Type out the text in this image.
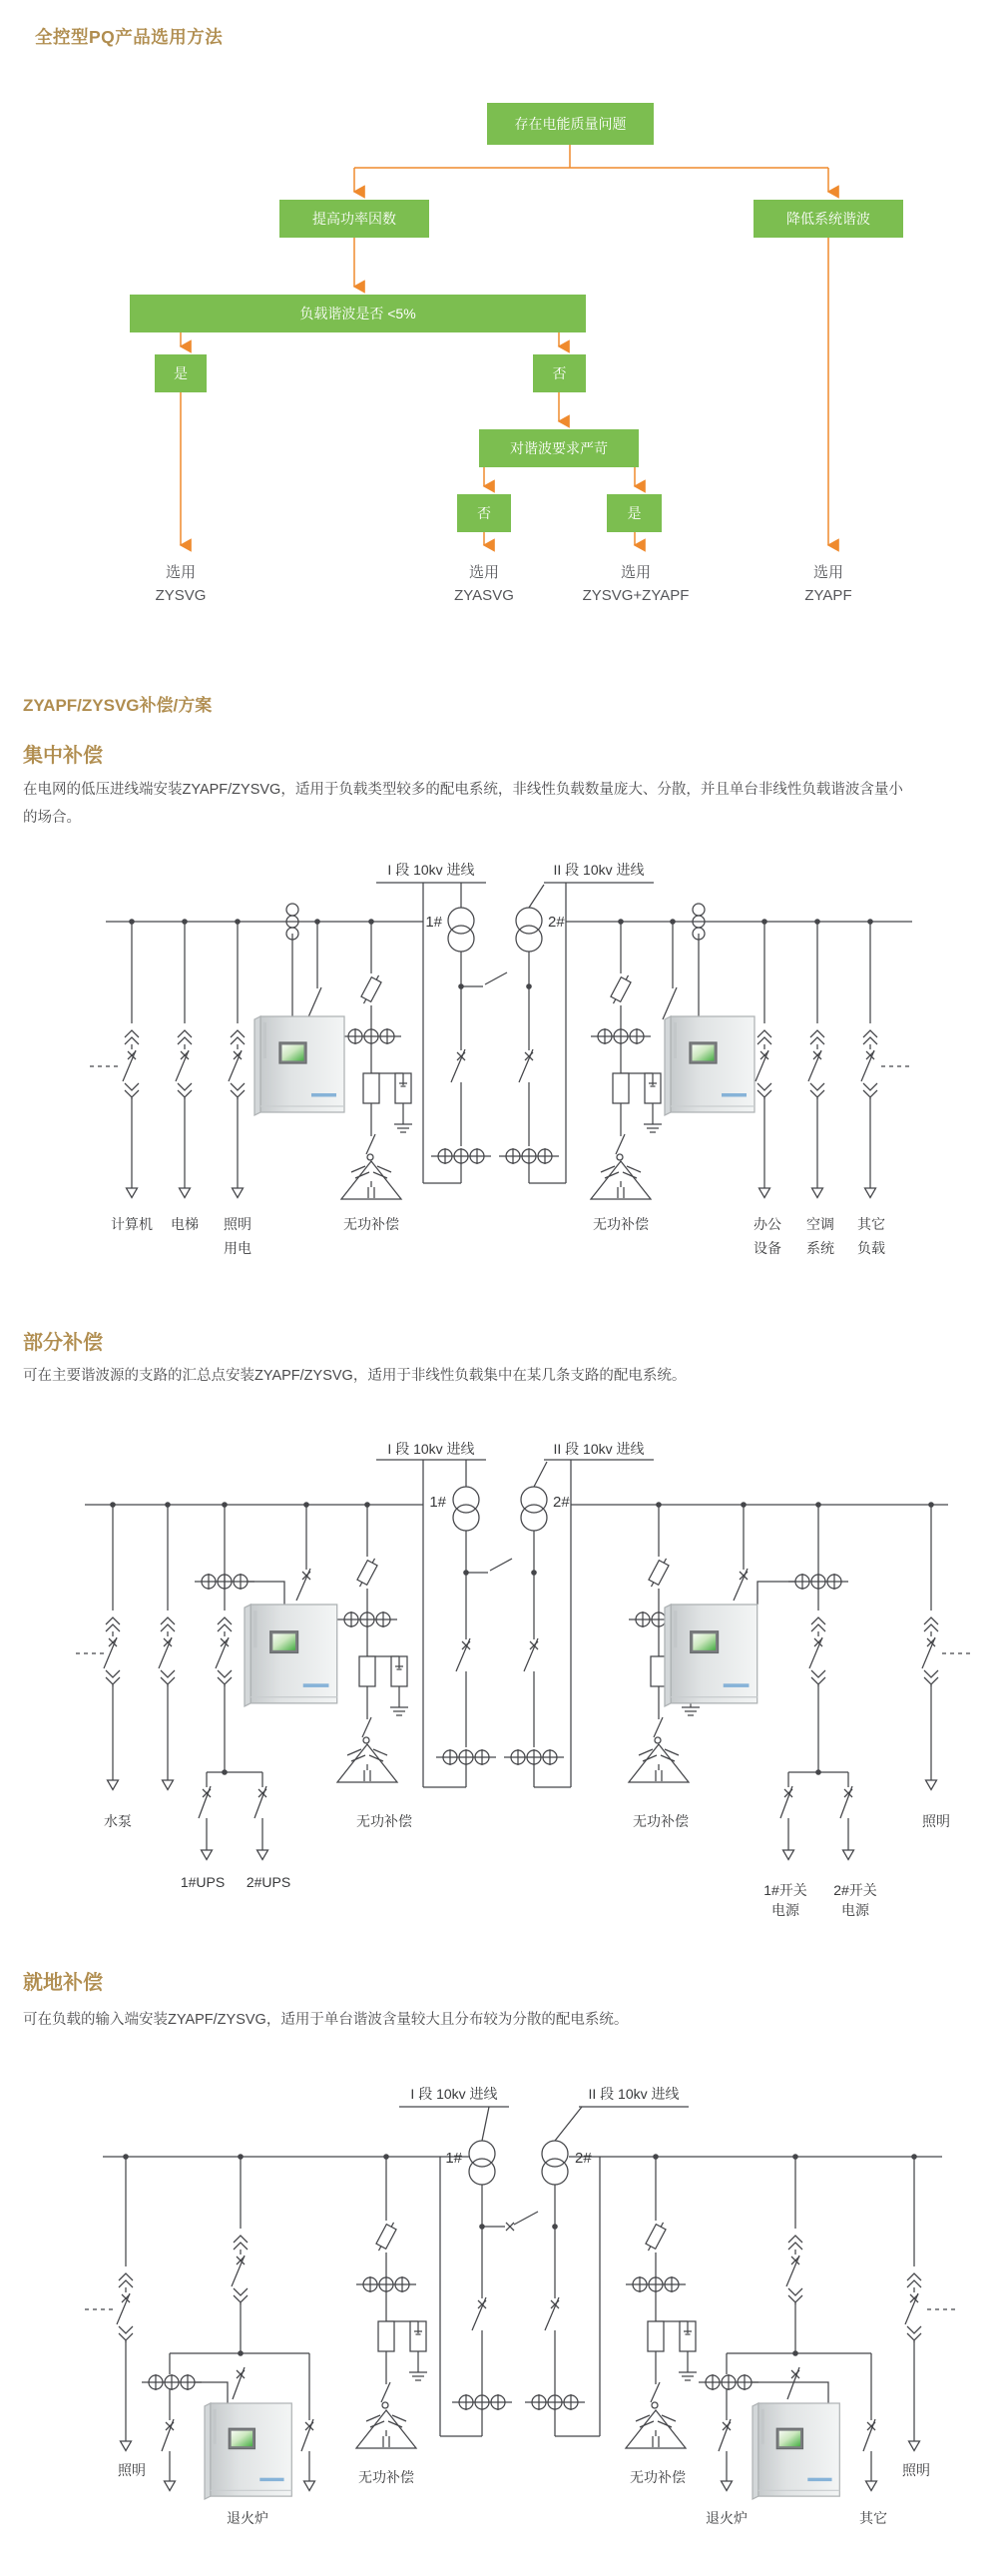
全控型PQ产品选用方法
存在电能质量问题
提高功率因数	降低系统谐波
负载谐波是否 <5%
是	否
对谐波要求严苛
否	是
选用
ZYSVG
选用
ZYASVG
选用
ZYSVG+ZYAPF
选用
ZYAPF
ZYAPF/ZYSVG补偿/方案
集中补偿
在电网的低压进线端安装ZYAPF/ZYSVG，适用于负载类型较多的配电系统，非线性负载数量庞大、分散，并且单台非线性负载谐波含量小
的场合。
部分补偿
可在主要谐波源的支路的汇总点安装ZYAPF/ZYSVG，适用于非线性负载集中在某几条支路的配电系统。
就地补偿
可在负载的输入端安装ZYAPF/ZYSVG，适用于单台谐波含量较大且分布较为分散的配电系统。
I 段 10kv 进线	II 段 10kv 进线
1#	2#
计算机 电梯 照明
用电
无功补偿	无功补偿	办公
设备
空调
系统
其它
负载
I 段 10kv 进线	II 段 10kv 进线
1#	2#
水泵
1#UPS 2#UPS
无功补偿	无功补偿
1#开关
电源
2#开关
电源
照明
I 段 10kv 进线	II 段 10kv 进线
1#	2#
照明
退火炉
无功补偿	无功补偿
退火炉	其它
照明
